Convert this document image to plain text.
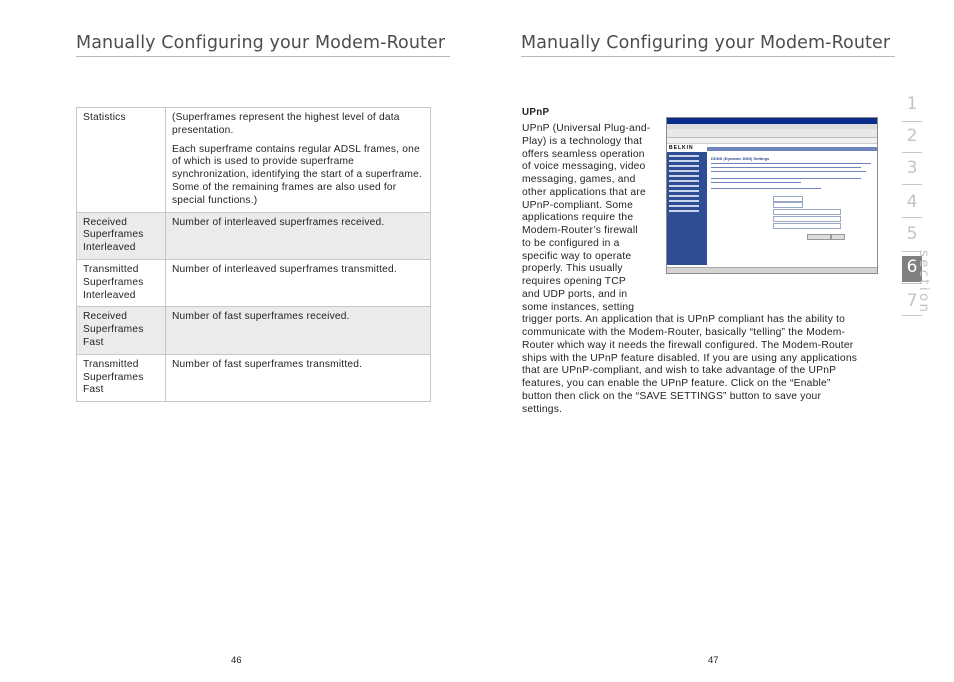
Manually Configuring your Modem-Router	Manually Configuring your Modem-Router
Statistics	(Superframes represent the highest level of data presentation.

Each superframe contains regular ADSL frames, one of which is used to provide superframe synchronization, identifying the start of a superframe. Some of the remaining frames are also used for special functions.)

Received Superframes Interleaved	Number of interleaved superframes received.

Transmitted Superframes Interleaved	Number of interleaved superframes transmitted.

Received Superframes Fast	Number of fast superframes received.

Transmitted Superframes Fast	Number of fast superframes transmitted.

UPnP
UPnP (Universal Plug-and-
Play) is a technology that
offers seamless operation
of voice messaging, video
messaging, games, and
other applications that are
UPnP-compliant. Some
applications require the
Modem-Router’s firewall
to be configured in a
specific way to operate
properly. This usually
requires opening TCP
and UDP ports, and in
some instances, setting
trigger ports. An application that is UPnP compliant has the ability to
communicate with the Modem-Router, basically “telling” the Modem-
Router which way it needs the firewall configured. The Modem-Router
ships with the UPnP feature disabled. If you are using any applications
that are UPnP-compliant, and wish to take advantage of the UPnP
features, you can enable the UPnP feature. Click on the “Enable”
button then click on the “SAVE SETTINGS” button to save your
settings.
BELKIN
DDNS (Dynamic DNS) Settings
1
2
3
4
5
6
7
section
46	47
